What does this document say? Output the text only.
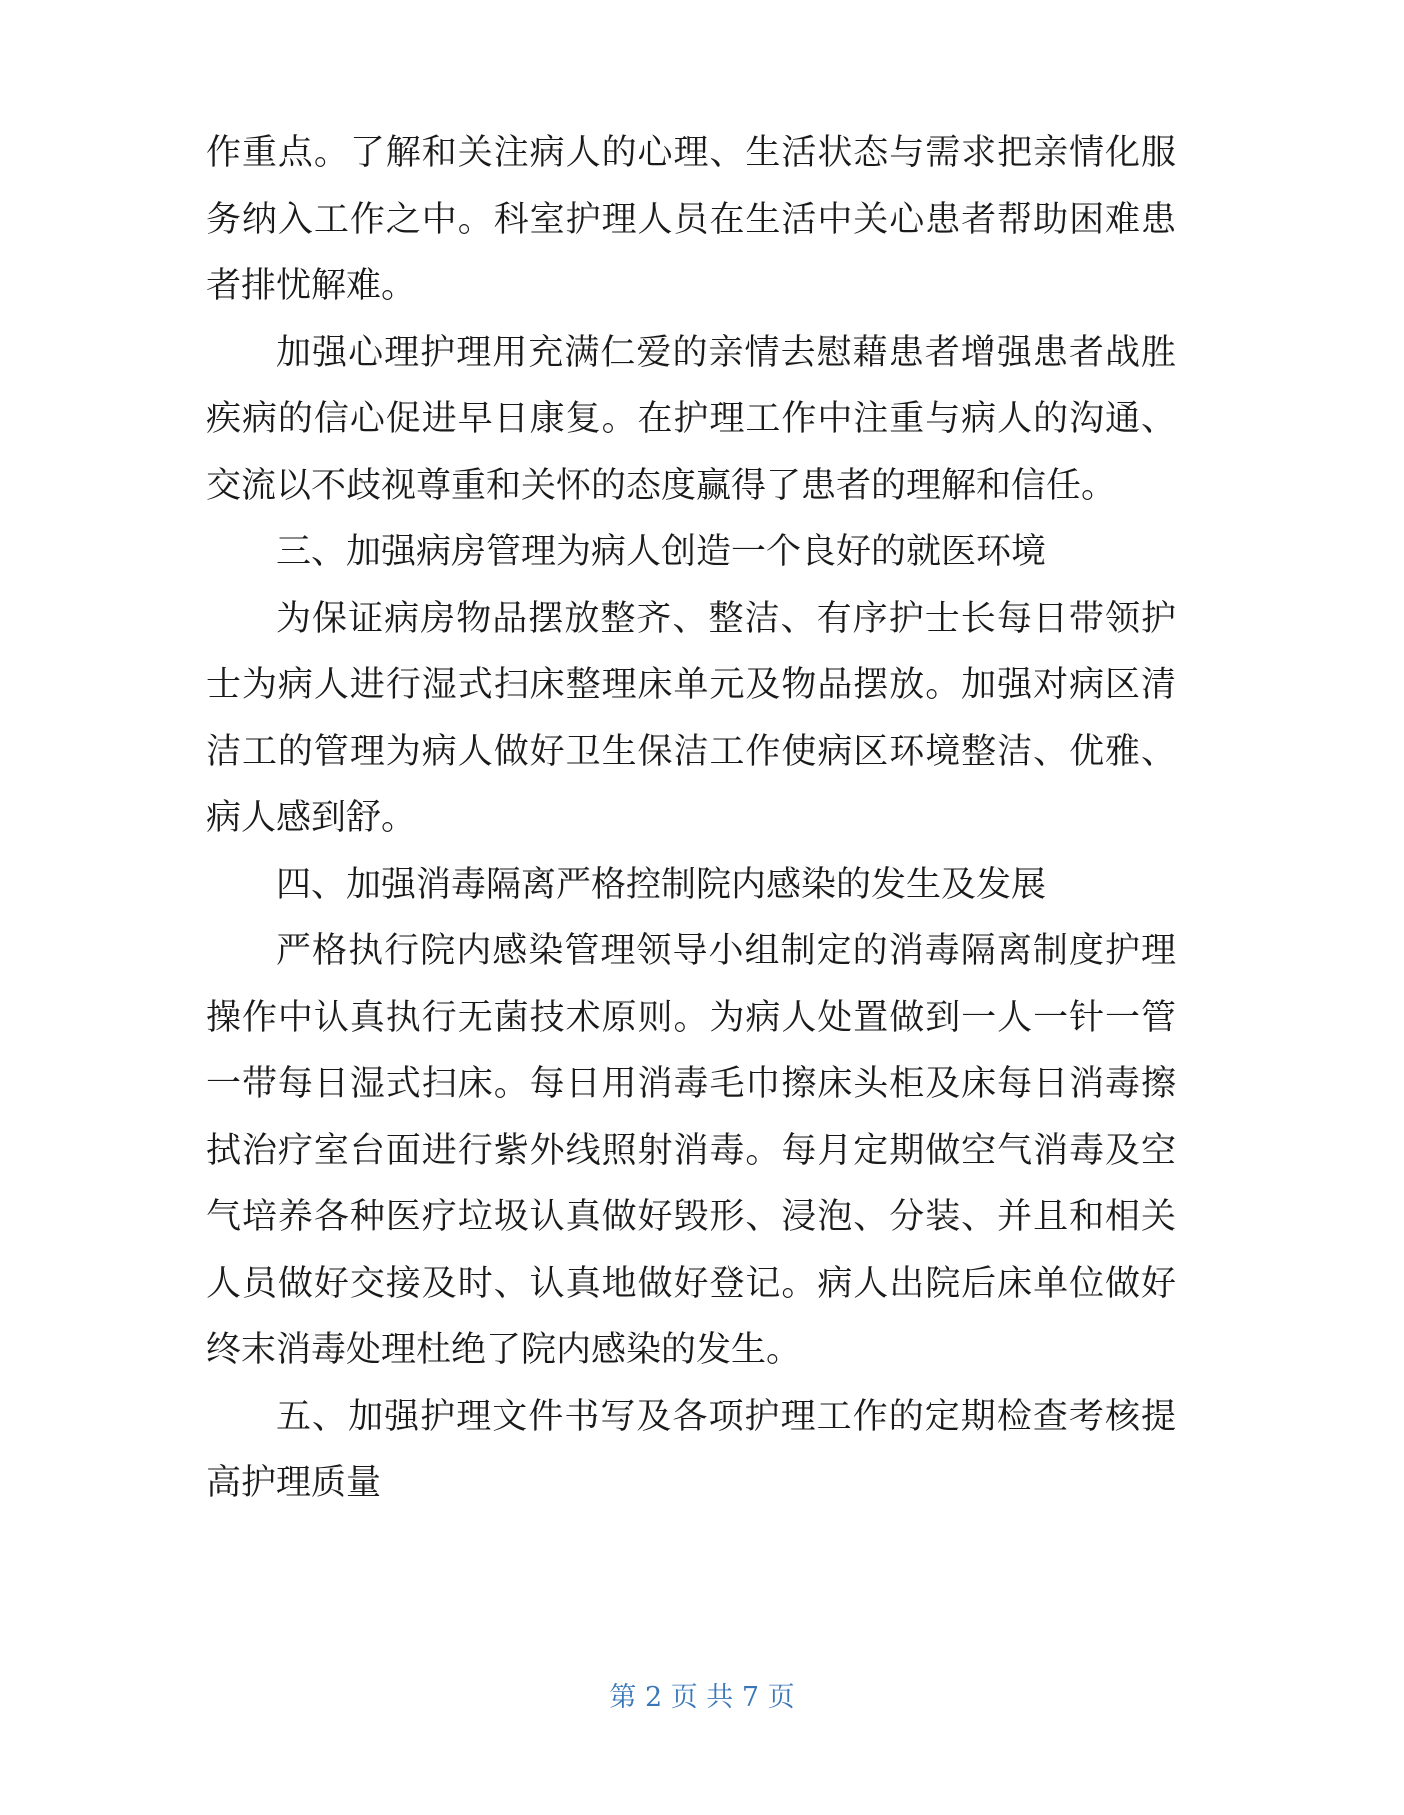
作重点。了解和关注病人的心理、生活状态与需求把亲情化服务纳入工作之中。科室护理人员在生活中关心患者帮助困难患者排忧解难。

加强心理护理用充满仁爱的亲情去慰藉患者增强患者战胜疾病的信心促进早日康复。在护理工作中注重与病人的沟通、交流以不歧视尊重和关怀的态度赢得了患者的理解和信任。

三、加强病房管理为病人创造一个良好的就医环境

为保证病房物品摆放整齐、整洁、有序护士长每日带领护士为病人进行湿式扫床整理床单元及物品摆放。加强对病区清洁工的管理为病人做好卫生保洁工作使病区环境整洁、优雅、病人感到舒。

四、加强消毒隔离严格控制院内感染的发生及发展

严格执行院内感染管理领导小组制定的消毒隔离制度护理操作中认真执行无菌技术原则。为病人处置做到一人一针一管一带每日湿式扫床。每日用消毒毛巾擦床头柜及床每日消毒擦拭治疗室台面进行紫外线照射消毒。每月定期做空气消毒及空气培养各种医疗垃圾认真做好毁形、浸泡、分装、并且和相关人员做好交接及时、认真地做好登记。病人出院后床单位做好终末消毒处理杜绝了院内感染的发生。

五、加强护理文件书写及各项护理工作的定期检查考核提高护理质量

第 2 页 共 7 页
